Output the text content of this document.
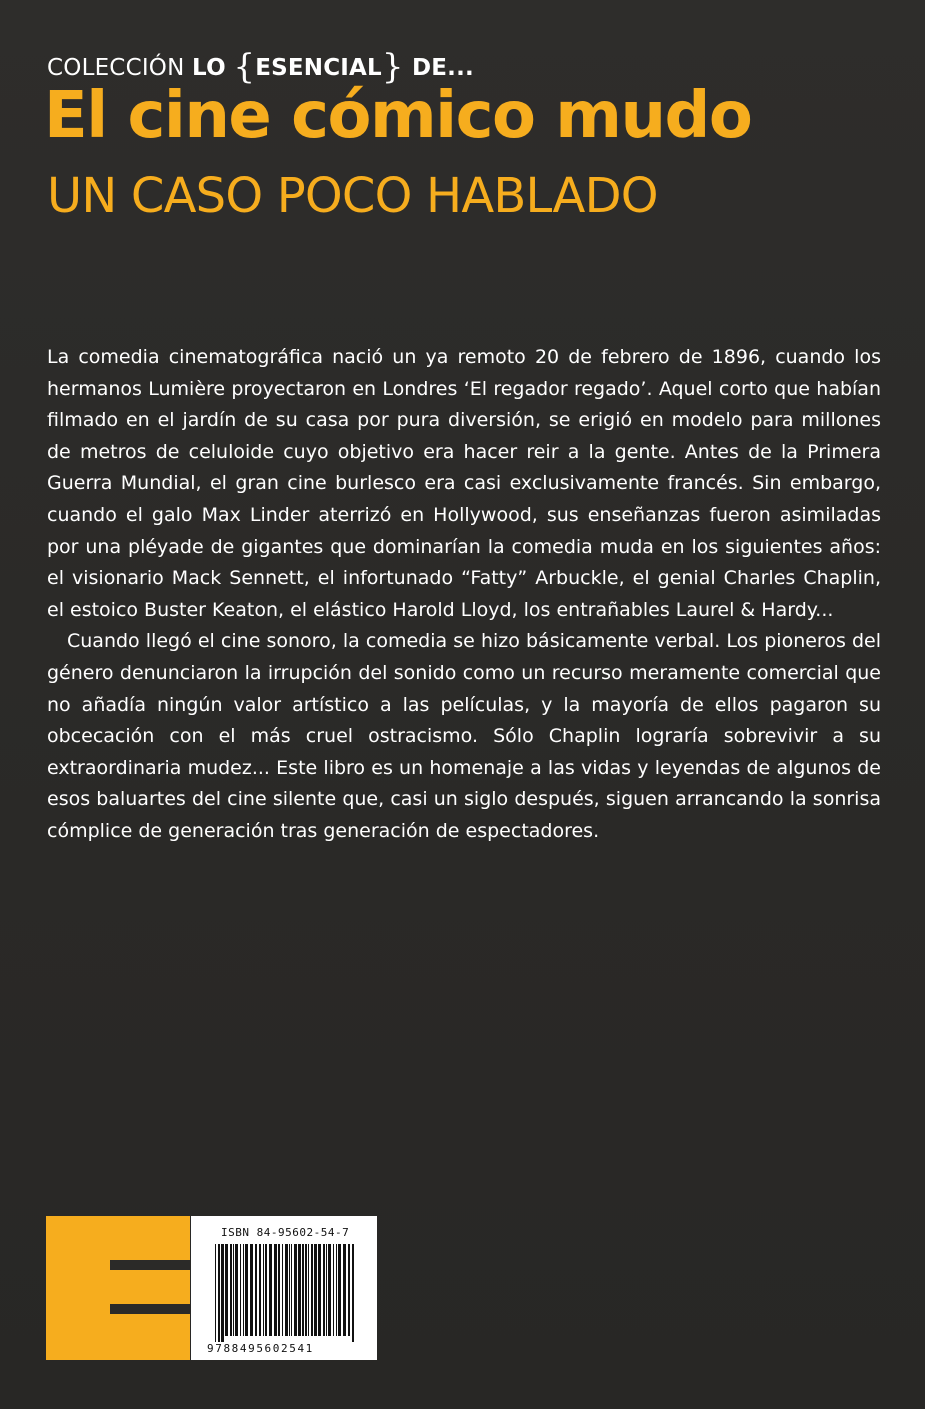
COLECCIÓN LO {ESENCIAL} DE...
El cine cómico mudo
UN CASO POCO HABLADO

La comedia cinematográfica nació un ya remoto 20 de febrero de 1896, cuando los hermanos Lumière proyectaron en Londres ‘El regador regado’. Aquel corto que habían filmado en el jardín de su casa por pura diversión, se erigió en modelo para millones de metros de celuloide cuyo objetivo era hacer reir a la gente. Antes de la Primera Guerra Mundial, el gran cine burlesco era casi exclusivamente francés. Sin embargo, cuando el galo Max Linder aterrizó en Hollywood, sus enseñanzas fueron asimiladas por una pléyade de gigantes que dominarían la comedia muda en los siguientes años: el visionario Mack Sennett, el infortunado “Fatty” Arbuckle, el genial Charles Chaplin, el estoico Buster Keaton, el elástico Harold Lloyd, los entrañables Laurel & Hardy...

Cuando llegó el cine sonoro, la comedia se hizo básicamente verbal. Los pioneros del género denunciaron la irrupción del sonido como un recurso meramente comercial que no añadía ningún valor artístico a las películas, y la mayoría de ellos pagaron su obcecación con el más cruel ostracismo. Sólo Chaplin lograría sobrevivir a su extraordinaria mudez... Este libro es un homenaje a las vidas y leyendas de algunos de esos baluartes del cine silente que, casi un siglo después, siguen arrancando la sonrisa cómplice de generación tras generación de espectadores.

ISBN 84-95602-54-7
9788495602541
